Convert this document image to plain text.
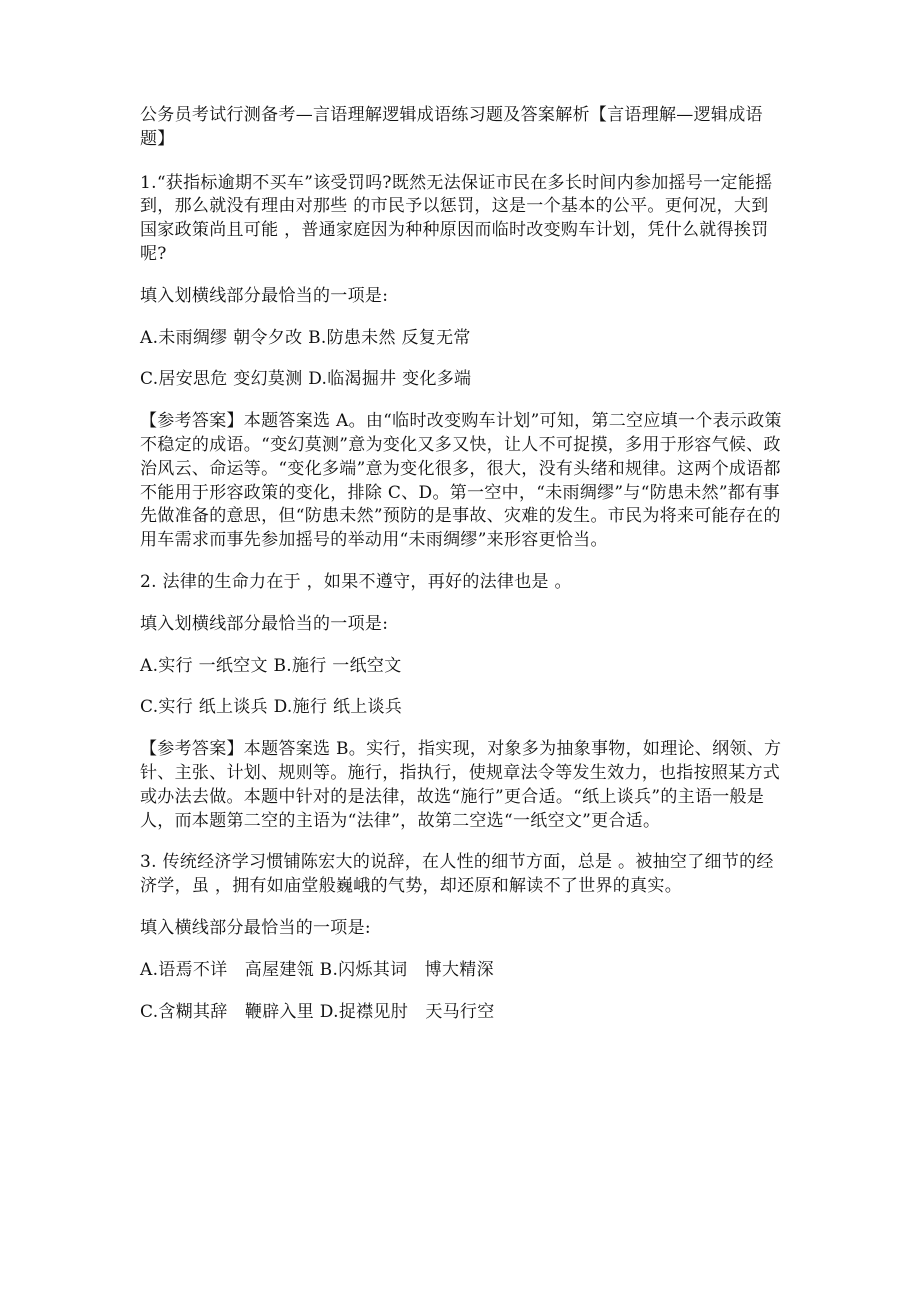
公务员考试行测备考—言语理解逻辑成语练习题及答案解析【言语理解—逻辑成语题】

1.“获指标逾期不买车”该受罚吗?既然无法保证市民在多长时间内参加摇号一定能摇到，那么就没有理由对那些 的市民予以惩罚，这是一个基本的公平。更何况，大到国家政策尚且可能 ，普通家庭因为种种原因而临时改变购车计划，凭什么就得挨罚呢?

填入划横线部分最恰当的一项是:

A.未雨绸缪 朝令夕改 B.防患未然 反复无常

C.居安思危 变幻莫测 D.临渴掘井 变化多端

【参考答案】本题答案选 A。由“临时改变购车计划”可知，第二空应填一个表示政策不稳定的成语。“变幻莫测”意为变化又多又快，让人不可捉摸，多用于形容气候、政治风云、命运等。“变化多端”意为变化很多，很大，没有头绪和规律。这两个成语都不能用于形容政策的变化，排除 C、D。第一空中，“未雨绸缪”与“防患未然”都有事先做准备的意思，但“防患未然”预防的是事故、灾难的发生。市民为将来可能存在的用车需求而事先参加摇号的举动用“未雨绸缪”来形容更恰当。

2. 法律的生命力在于 ，如果不遵守，再好的法律也是 。

填入划横线部分最恰当的一项是:

A.实行 一纸空文 B.施行 一纸空文

C.实行 纸上谈兵 D.施行 纸上谈兵

【参考答案】本题答案选 B。实行，指实现，对象多为抽象事物，如理论、纲领、方针、主张、计划、规则等。施行，指执行，使规章法令等发生效力，也指按照某方式或办法去做。本题中针对的是法律，故选“施行”更合适。“纸上谈兵”的主语一般是人，而本题第二空的主语为“法律”，故第二空选“一纸空文”更合适。

3. 传统经济学习惯铺陈宏大的说辞，在人性的细节方面，总是 。被抽空了细节的经济学，虽 ，拥有如庙堂般巍峨的气势，却还原和解读不了世界的真实。

填入横线部分最恰当的一项是:

A.语焉不详　高屋建瓴 B.闪烁其词　博大精深

C.含糊其辞　鞭辟入里 D.捉襟见肘　天马行空
